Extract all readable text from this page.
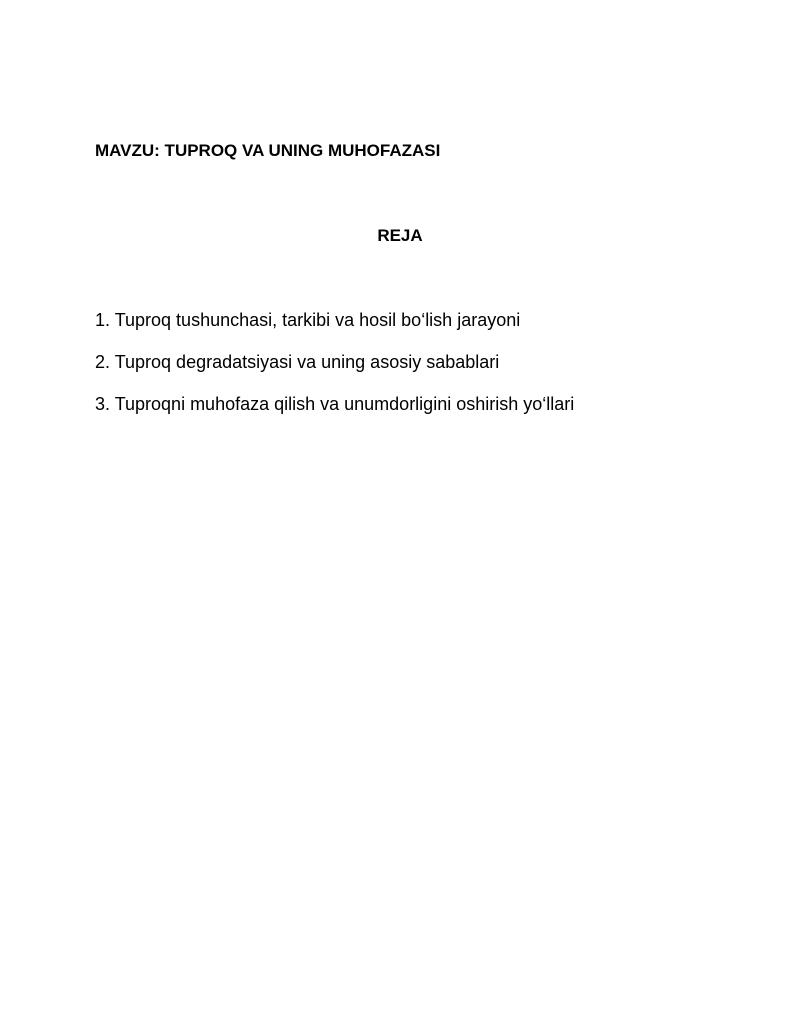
MAVZU: TUPROQ VA UNING MUHOFAZASI
REJA
1. Tuproq tushunchasi, tarkibi va hosil bo‘lish jarayoni
2. Tuproq degradatsiyasi va uning asosiy sabablari
3. Tuproqni muhofaza qilish va unumdorligini oshirish yo‘llari
